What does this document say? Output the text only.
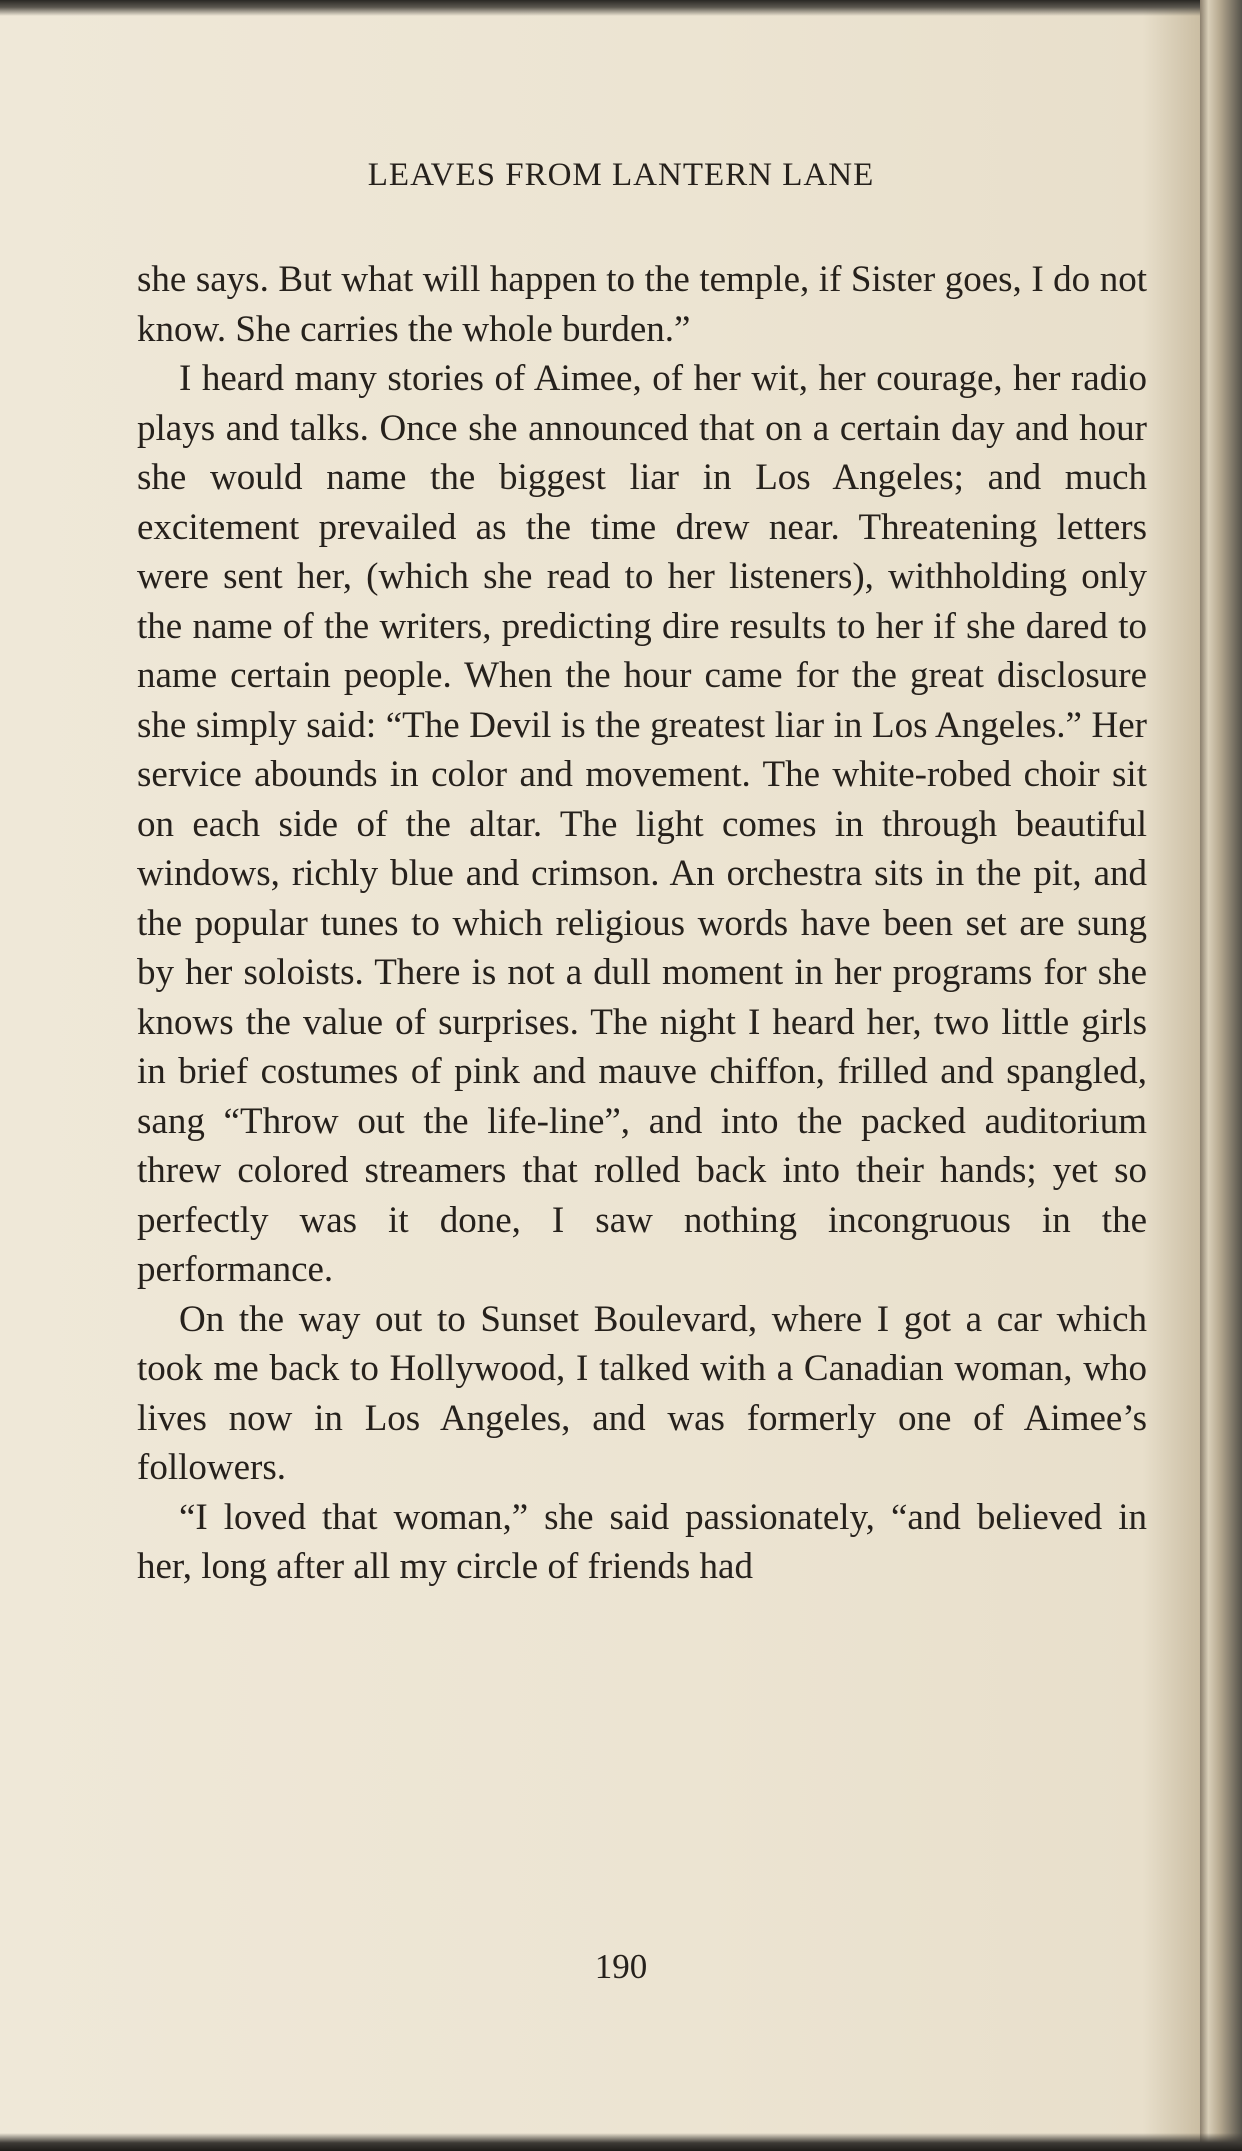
LEAVES FROM LANTERN LANE

she says. But what will happen to the temple, if Sister goes, I do not know. She carries the whole burden.”

I heard many stories of Aimee, of her wit, her courage, her radio plays and talks. Once she announced that on a certain day and hour she would name the biggest liar in Los Angeles; and much excitement prevailed as the time drew near. Threatening letters were sent her, (which she read to her listeners), withholding only the name of the writers, predicting dire results to her if she dared to name certain people. When the hour came for the great disclosure she simply said: “The Devil is the greatest liar in Los Angeles.” Her service abounds in color and movement. The white-robed choir sit on each side of the altar. The light comes in through beautiful windows, richly blue and crimson. An orchestra sits in the pit, and the popular tunes to which religious words have been set are sung by her soloists. There is not a dull moment in her programs for she knows the value of surprises. The night I heard her, two little girls in brief costumes of pink and mauve chiffon, frilled and spangled, sang “Throw out the life-line”, and into the packed auditorium threw colored streamers that rolled back into their hands; yet so perfectly was it done, I saw nothing incongruous in the performance.

On the way out to Sunset Boulevard, where I got a car which took me back to Hollywood, I talked with a Canadian woman, who lives now in Los Angeles, and was formerly one of Aimee’s followers.

“I loved that woman,” she said passionately, “and believed in her, long after all my circle of friends had

190
